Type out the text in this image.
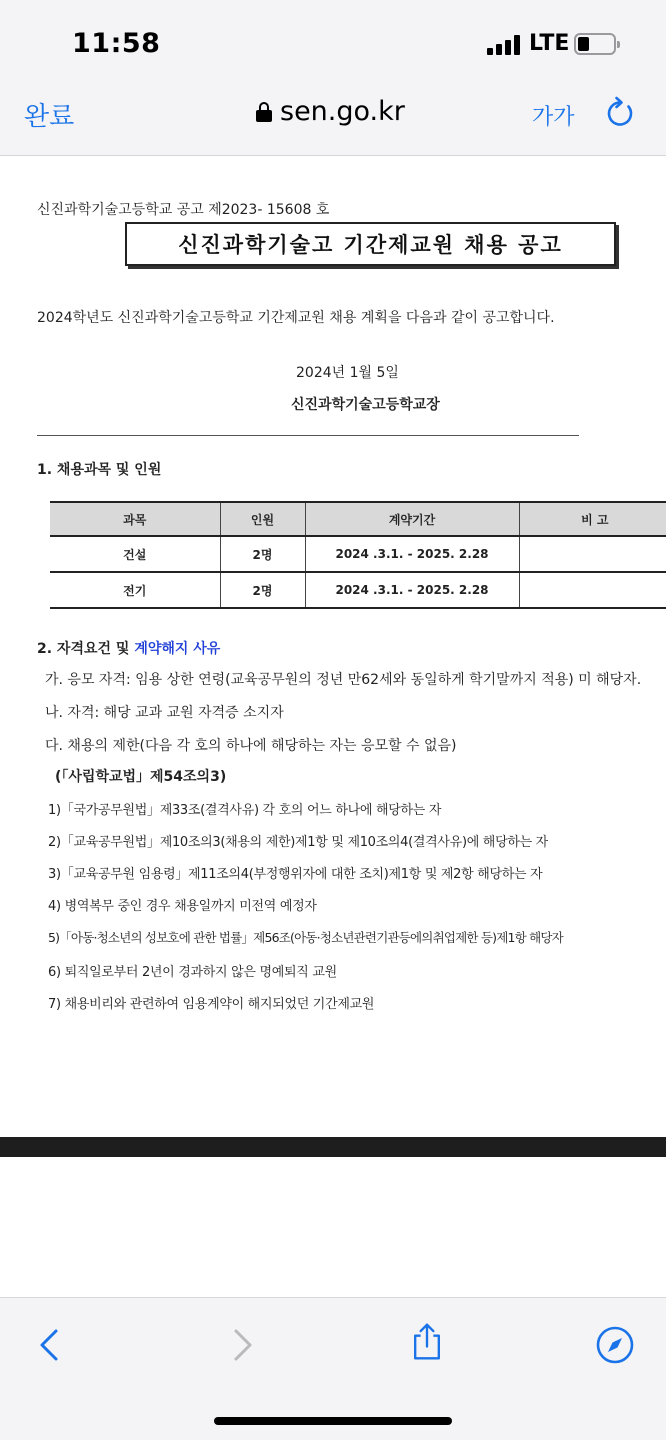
11:58	LTE
완료	sen.go.kr	가가
신진과학기술고등학교 공고 제2023- 15608 호
신진과학기술고 기간제교원 채용 공고
2024학년도 신진과학기술고등학교 기간제교원 채용 계획을 다음과 같이 공고합니다.
2024년 1월 5일
신진과학기술고등학교장
1. 채용과목 및 인원
과목	인원	계약기간	비 고
건설	2명	2024 .3.1. - 2025. 2.28	
전기	2명	2024 .3.1. - 2025. 2.28	
2. 자격요건 및 계약해지 사유
가. 응모 자격: 임용 상한 연령(교육공무원의 정년 만62세와 동일하게 학기말까지 적용) 미 해당자.
나. 자격: 해당 교과 교원 자격증 소지자
다. 채용의 제한(다음 각 호의 하나에 해당하는 자는 응모할 수 없음)
(「사립학교법」제54조의3)
1)「국가공무원법」제33조(결격사유) 각 호의 어느 하나에 해당하는 자
2)「교육공무원법」제10조의3(채용의 제한)제1항 및 제10조의4(결격사유)에 해당하는 자
3)「교육공무원 임용령」제11조의4(부정행위자에 대한 조치)제1항 및 제2항 해당하는 자
4) 병역복무 중인 경우 채용일까지 미전역 예정자
5)「아동·청소년의 성보호에 관한 법률」제56조(아동·청소년관련기관등에의취업제한 등)제1항 해당자
6) 퇴직일로부터 2년이 경과하지 않은 명예퇴직 교원
7) 채용비리와 관련하여 임용계약이 해지되었던 기간제교원
